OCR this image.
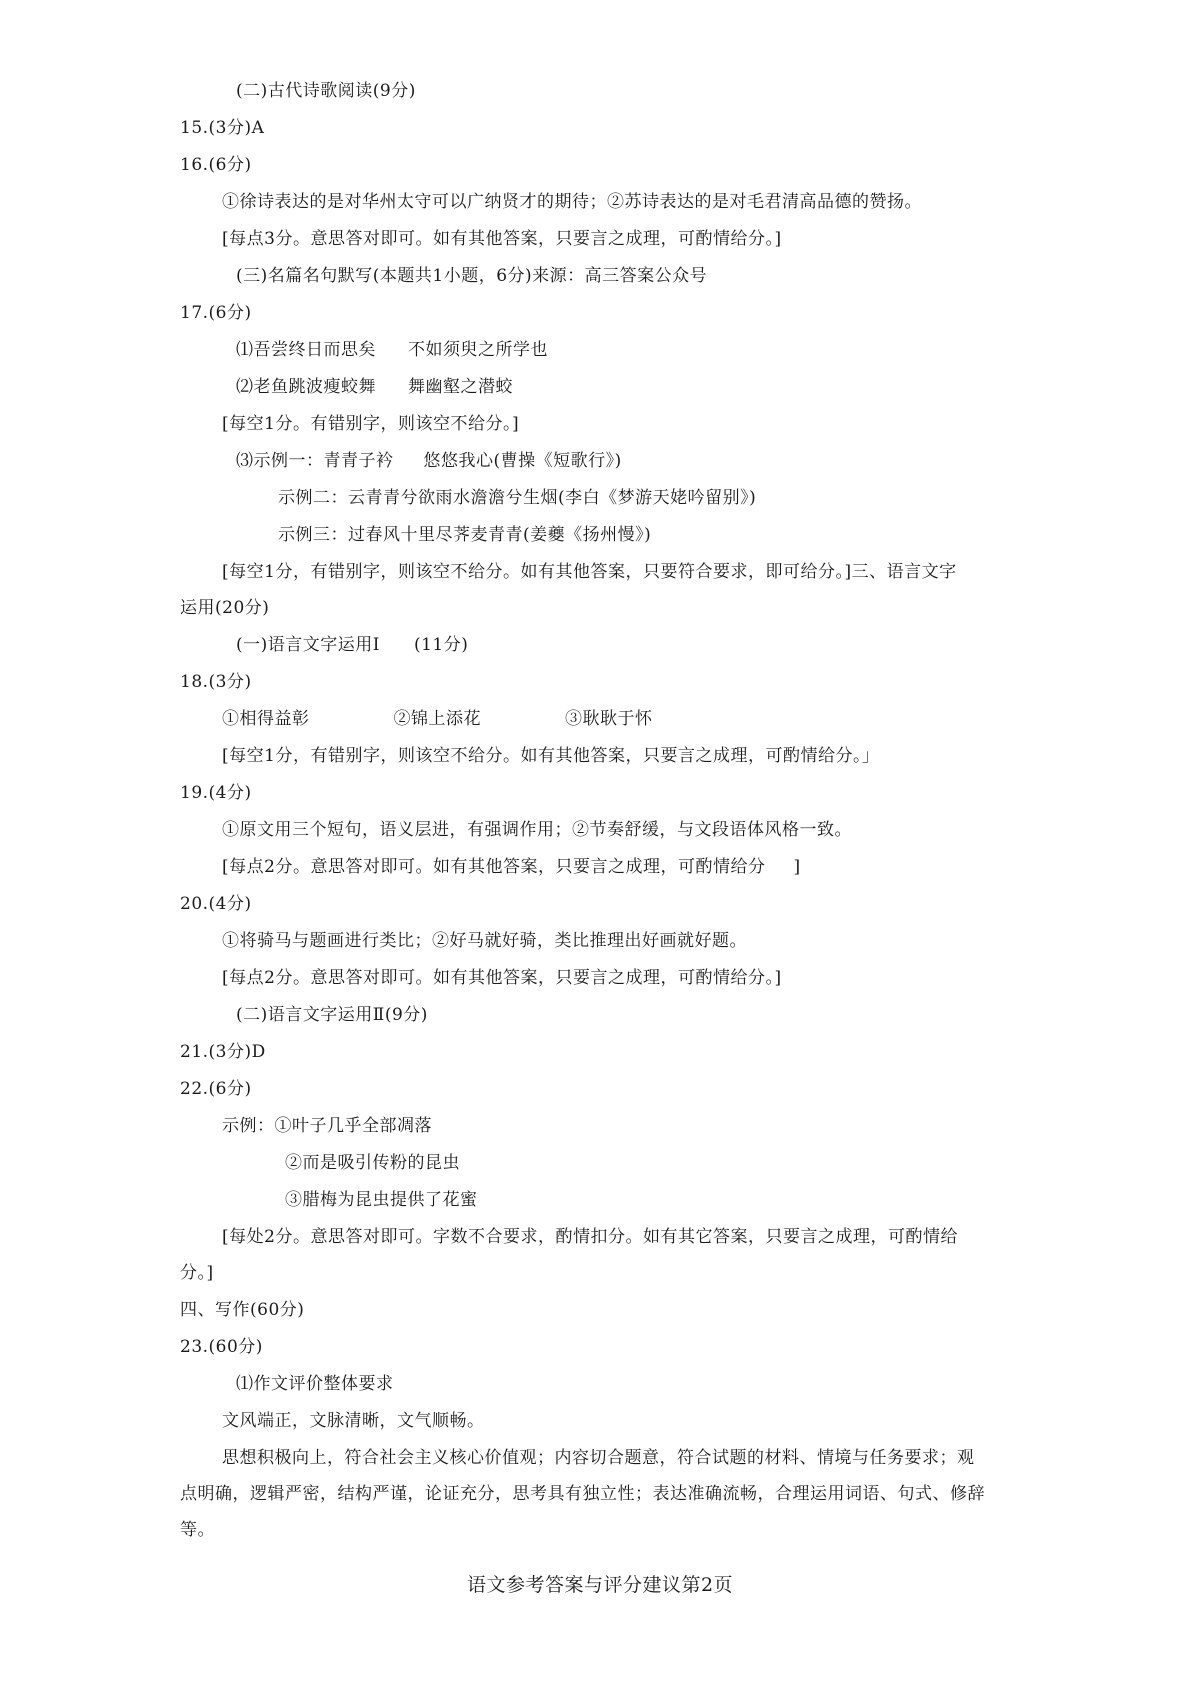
(二)古代诗歌阅读(9分)
15.(3分)A
16.(6分)
①徐诗表达的是对华州太守可以广纳贤才的期待；②苏诗表达的是对毛君清高品德的赞扬。
[每点3分。意思答对即可。如有其他答案，只要言之成理，可酌情给分。]
(三)名篇名句默写(本题共1小题，6分)来源：高三答案公众号
17.(6分)
⑴吾尝终日而思矣 不如须臾之所学也
⑵老鱼跳波瘦蛟舞 舞幽壑之潜蛟
[每空1分。有错别字，则该空不给分。]
⑶示例一：青青子衿 悠悠我心(曹操《短歌行》)
示例二：云青青兮欲雨水澹澹兮生烟(李白《梦游天姥吟留别》)
示例三：过春风十里尽荠麦青青(姜夔《扬州慢》)
[每空1分，有错别字，则该空不给分。如有其他答案，只要符合要求，即可给分。]三、语言文字
运用(20分)
(一)语言文字运用Ⅰ (11分)
18.(3分)
①相得益彰	②锦上添花	③耿耿于怀
[每空1分，有错别字，则该空不给分。如有其他答案，只要言之成理，可酌情给分。」
19.(4分)
①原文用三个短句，语义层进，有强调作用；②节奏舒缓，与文段语体风格一致。
[每点2分。意思答对即可。如有其他答案，只要言之成理，可酌情给分 ]
20.(4分)
①将骑马与题画进行类比；②好马就好骑，类比推理出好画就好题。
[每点2分。意思答对即可。如有其他答案，只要言之成理，可酌情给分。]
(二)语言文字运用Ⅱ(9分)
21.(3分)D
22.(6分)
示例：①叶子几乎全部凋落
②而是吸引传粉的昆虫
③腊梅为昆虫提供了花蜜
[每处2分。意思答对即可。字数不合要求，酌情扣分。如有其它答案，只要言之成理，可酌情给
分。]
四、写作(60分)
23.(60分)
⑴作文评价整体要求
文风端正，文脉清晰，文气顺畅。
思想积极向上，符合社会主义核心价值观；内容切合题意，符合试题的材料、情境与任务要求；观
点明确，逻辑严密，结构严谨，论证充分，思考具有独立性；表达准确流畅，合理运用词语、句式、修辞
等。
语文参考答案与评分建议第2页
